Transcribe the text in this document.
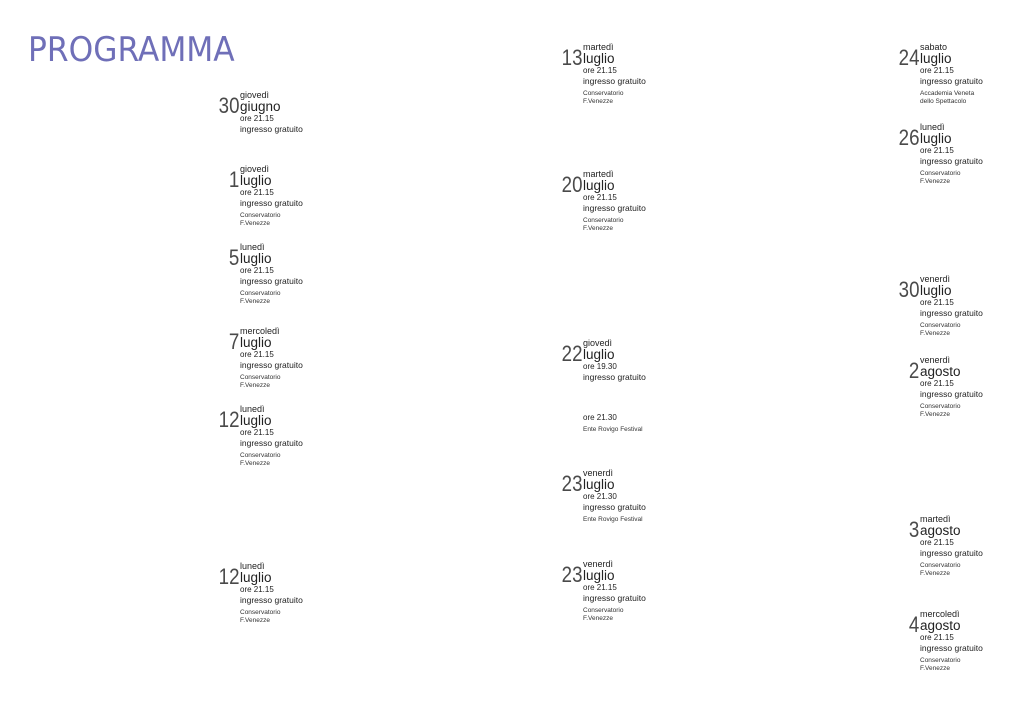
PROGRAMMA
30 giovedì
giugno
ore 21.15
ingresso gratuito
1 giovedì
luglio
ore 21.15
ingresso gratuito
Conservatorio
F.Venezze
5 lunedì
luglio
ore 21.15
ingresso gratuito
Conservatorio
F.Venezze
7 mercoledì
luglio
ore 21.15
ingresso gratuito
Conservatorio
F.Venezze
12 lunedì
luglio
ore 21.15
ingresso gratuito
Conservatorio
F.Venezze
12 lunedì
luglio
ore 21.15
ingresso gratuito
Conservatorio
F.Venezze
13 martedì
luglio
ore 21.15
ingresso gratuito
Conservatorio
F.Venezze
20 martedì
luglio
ore 21.15
ingresso gratuito
Conservatorio
F.Venezze
22 giovedì
luglio
ore 19.30
ingresso gratuito
ore 21.30
Ente Rovigo Festival
23 venerdì
luglio
ore 21.30
ingresso gratuito
Ente Rovigo Festival
23 venerdì
luglio
ore 21.15
ingresso gratuito
Conservatorio
F.Venezze
24 sabato
luglio
ore 21.15
ingresso gratuito
Accademia Veneta
dello Spettacolo
26 lunedì
luglio
ore 21.15
ingresso gratuito
Conservatorio
F.Venezze
30 venerdì
luglio
ore 21.15
ingresso gratuito
Conservatorio
F.Venezze
2 venerdì
agosto
ore 21.15
ingresso gratuito
Conservatorio
F.Venezze
3 martedì
agosto
ore 21.15
ingresso gratuito
Conservatorio
F.Venezze
4 mercoledì
agosto
ore 21.15
ingresso gratuito
Conservatorio
F.Venezze
